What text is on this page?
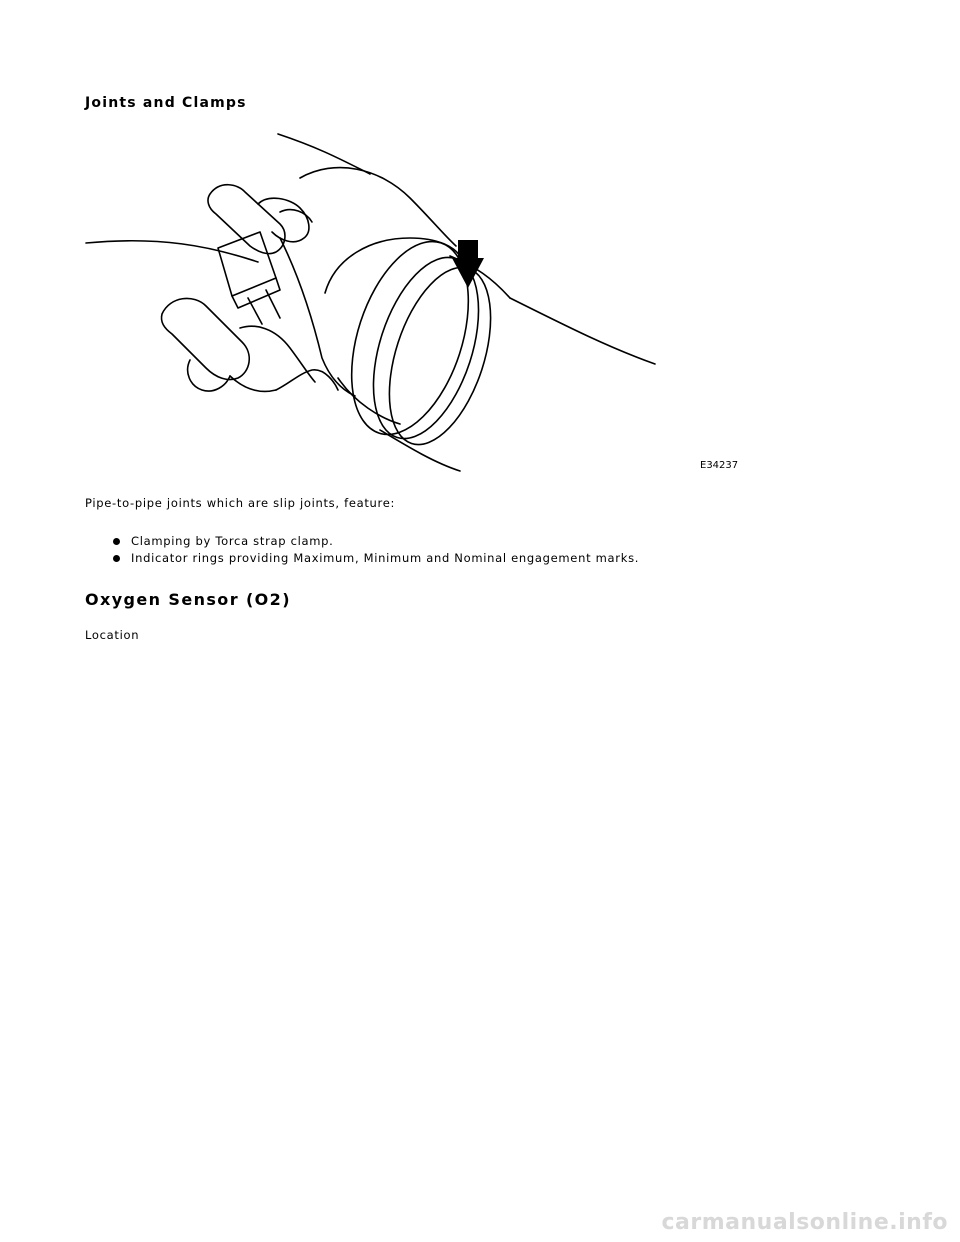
Joints and Clamps
E34237

Pipe-to-pipe joints which are slip joints, feature:

Clamping by Torca strap clamp.
Indicator rings providing Maximum, Minimum and Nominal engagement marks.
Oxygen Sensor (O2)

Location

carmanualsonline.info
